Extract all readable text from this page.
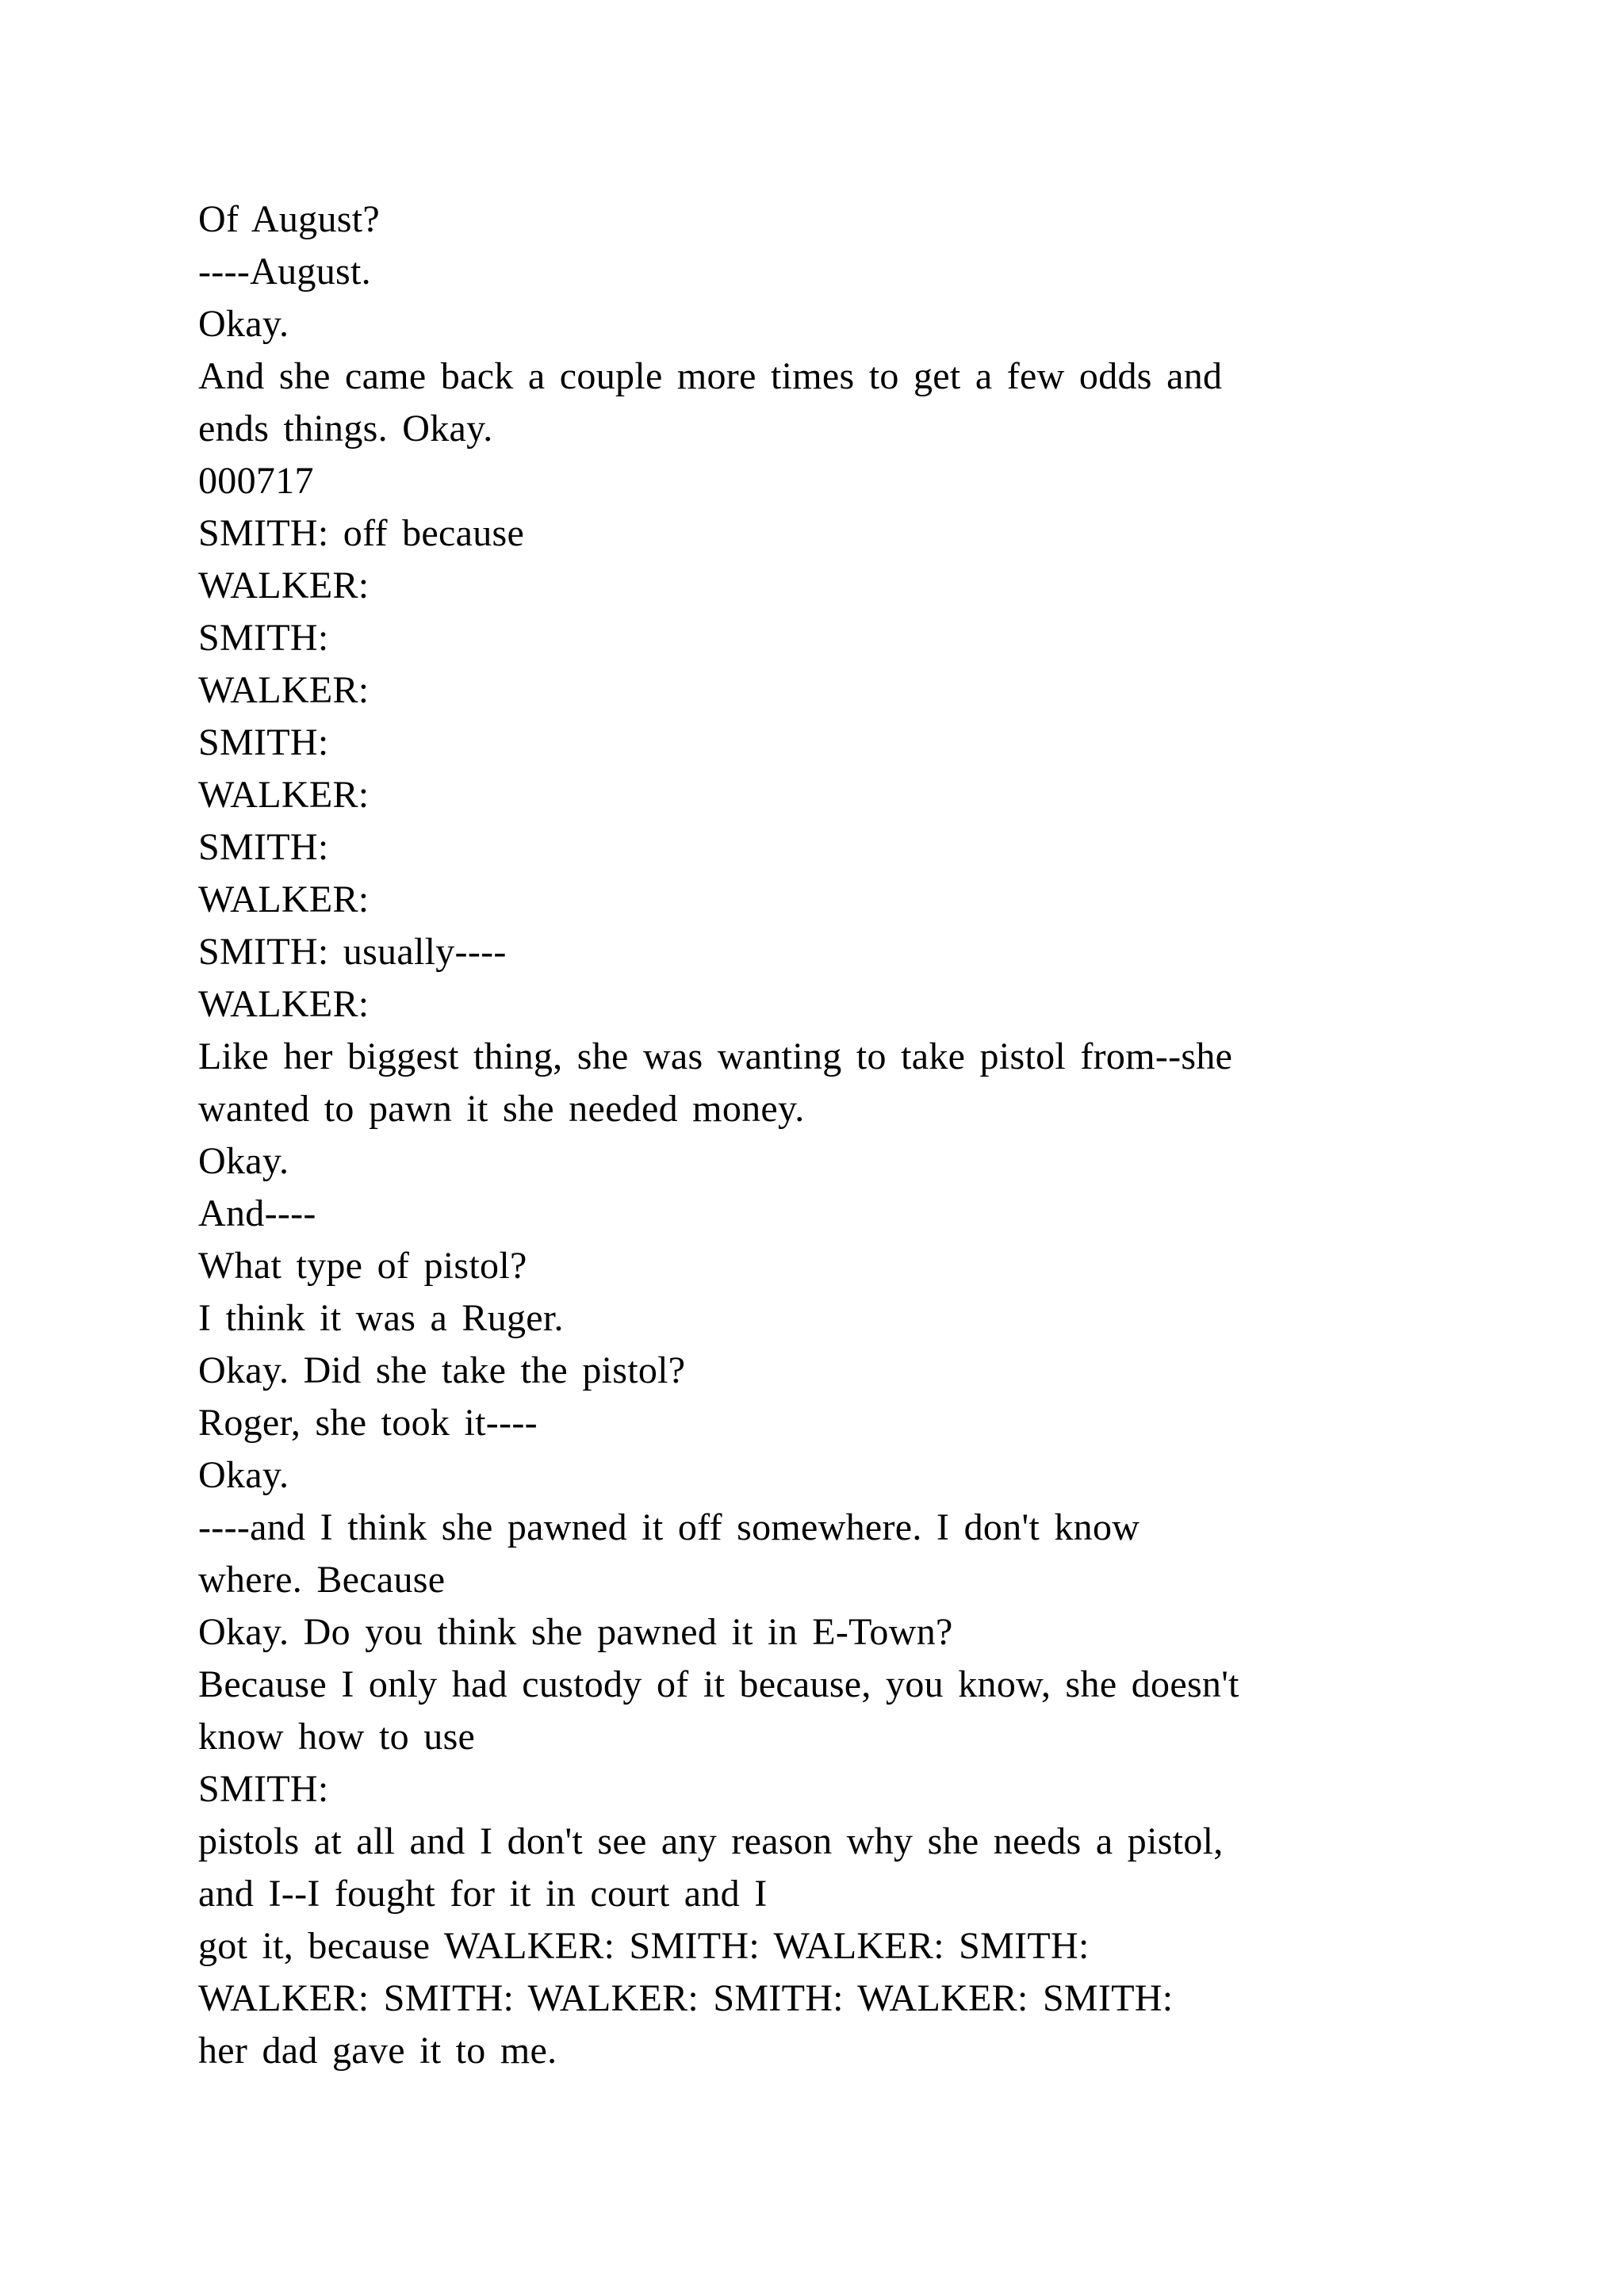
Of August?
----August.
Okay.
And she came back a couple more times to get a few odds and
ends things. Okay.
000717
SMITH: off because
WALKER:
SMITH:
WALKER:
SMITH:
WALKER:
SMITH:
WALKER:
SMITH: usually----
WALKER:
Like her biggest thing, she was wanting to take pistol from--she
wanted to pawn it she needed money.
Okay.
And----
What type of pistol?
I think it was a Ruger.
Okay. Did she take the pistol?
Roger, she took it----
Okay.
----and I think she pawned it off somewhere. I don't know
where. Because
Okay. Do you think she pawned it in E-Town?
Because I only had custody of it because, you know, she doesn't
know how to use
SMITH:
pistols at all and I don't see any reason why she needs a pistol,
and I--I fought for it in court and I
got it, because WALKER: SMITH: WALKER: SMITH:
WALKER: SMITH: WALKER: SMITH: WALKER: SMITH:
her dad gave it to me.
